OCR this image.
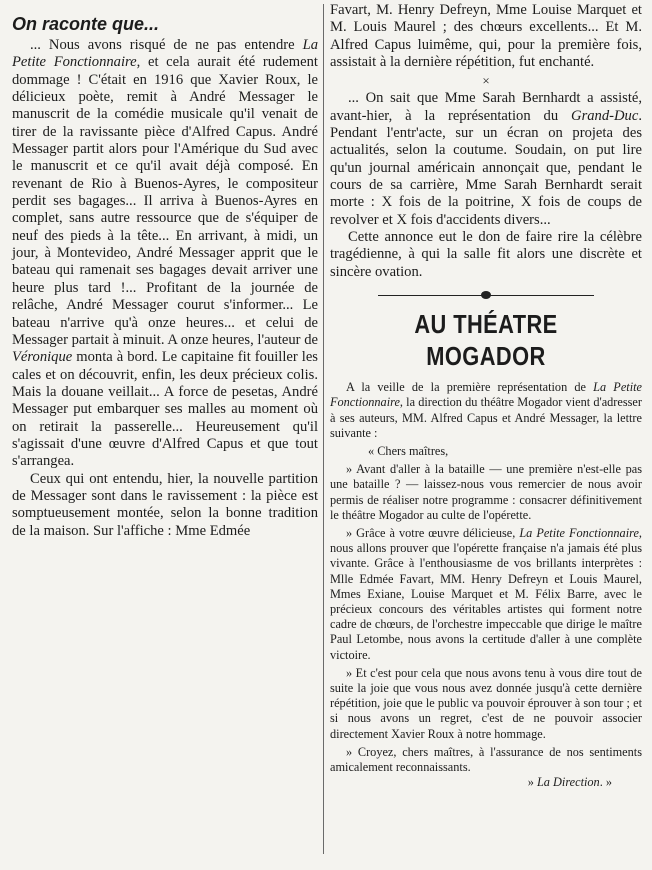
On raconte que...

... Nous avons risqué de ne pas entendre La Petite Fonctionnaire, et cela aurait été rudement dommage ! C'était en 1916 que Xavier Roux, le délicieux poète, remit à André Messager le manuscrit de la comédie musicale qu'il venait de tirer de la ravissante pièce d'Alfred Capus. André Messager partit alors pour l'Amérique du Sud avec le manuscrit et ce qu'il avait déjà composé. En revenant de Rio à Buenos-Ayres, le compositeur perdit ses bagages... Il arriva à Buenos-Ayres en complet, sans autre ressource que de s'équiper de neuf des pieds à la tête... En arrivant, à midi, un jour, à Montevideo, André Messager apprit que le bateau qui ramenait ses bagages devait arriver une heure plus tard !... Profitant de la journée de relâche, André Messager courut s'informer... Le bateau n'arrive qu'à onze heures... et celui de Messager partait à minuit. A onze heures, l'auteur de Véronique monta à bord. Le capitaine fit fouiller les cales et on découvrit, enfin, les deux précieux colis. Mais la douane veillait... A force de pesetas, André Messager put embarquer ses malles au moment où on retirait la passerelle... Heureusement qu'il s'agissait d'une œuvre d'Alfred Capus et que tout s'arrangea.

Ceux qui ont entendu, hier, la nouvelle partition de Messager sont dans le ravissement : la pièce est somptueusement montée, selon la bonne tradition de la maison. Sur l'affiche : Mme Edmée

Favart, M. Henry Defreyn, Mme Louise Marquet et M. Louis Maurel ; des chœurs excellents... Et M. Alfred Capus luimême, qui, pour la première fois, assistait à la dernière répétition, fut enchanté.

×

... On sait que Mme Sarah Bernhardt a assisté, avant-hier, à la représentation du Grand-Duc. Pendant l'entr'acte, sur un écran on projeta des actualités, selon la coutume. Soudain, on put lire qu'un journal américain annonçait que, pendant le cours de sa carrière, Mme Sarah Bernhardt serait morte : X fois de la poitrine, X fois de coups de revolver et X fois d'accidents divers...

Cette annonce eut le don de faire rire la célèbre tragédienne, à qui la salle fit alors une discrète et sincère ovation.

AU THÉATRE MOGADOR

A la veille de la première représentation de La Petite Fonctionnaire, la direction du théâtre Mogador vient d'adresser à ses auteurs, MM. Alfred Capus et André Messager, la lettre suivante :

« Chers maîtres,

» Avant d'aller à la bataille — une première n'est-elle pas une bataille ? — laissez-nous vous remercier de nous avoir permis de réaliser notre programme : consacrer définitivement le théâtre Mogador au culte de l'opérette.

» Grâce à votre œuvre délicieuse, La Petite Fonctionnaire, nous allons prouver que l'opérette française n'a jamais été plus vivante. Grâce à l'enthousiasme de vos brillants interprètes : Mlle Edmée Favart, MM. Henry Defreyn et Louis Maurel, Mmes Exiane, Louise Marquet et M. Félix Barre, avec le précieux concours des véritables artistes qui forment notre cadre de chœurs, de l'orchestre impeccable que dirige le maître Paul Letombe, nous avons la certitude d'aller à une complète victoire.

» Et c'est pour cela que nous avons tenu à vous dire tout de suite la joie que vous nous avez donnée jusqu'à cette dernière répétition, joie que le public va pouvoir éprouver à son tour ; et si nous avons un regret, c'est de ne pouvoir associer directement Xavier Roux à notre hommage.

» Croyez, chers maîtres, à l'assurance de nos sentiments amicalement reconnaissants.

» La Direction. »
